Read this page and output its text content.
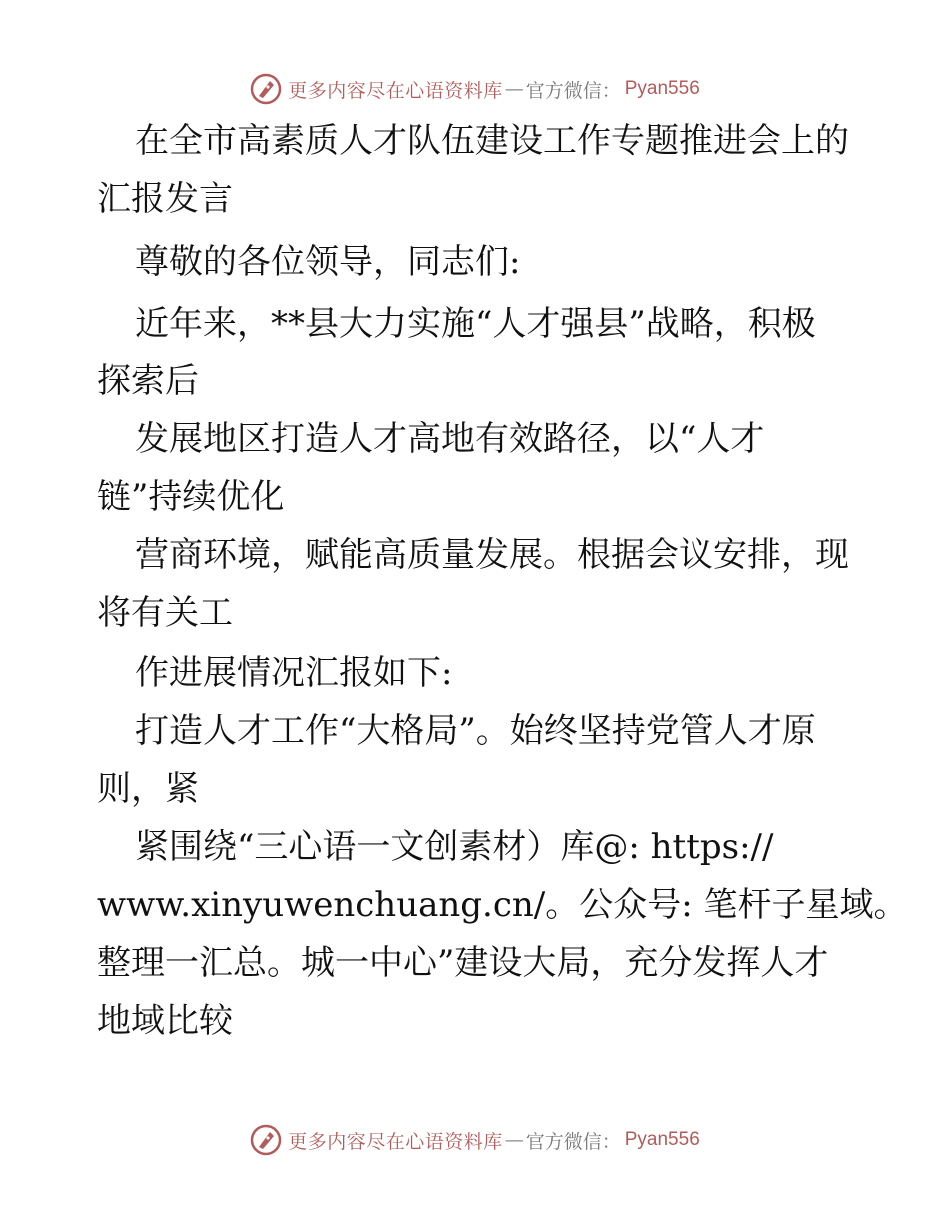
更多内容尽在心语资料库 — 官方微信： Pyan556
在全市高素质人才队伍建设工作专题推进会上的
汇报发言
尊敬的各位领导，同志们:
近年来，**县大力实施“人才强县”战略，积极
探索后
发展地区打造人才高地有效路径，以“人才
链”持续优化
营商环境，赋能高质量发展。根据会议安排，现
将有关工
作进展情况汇报如下:
打造人才工作“大格局”。始终坚持党管人才原
则，紧
紧围绕“三心语一文创素材）库@: https://
www.xinyuwenchuang.cn/。公众号: 笔杆子星域。
整理一汇总。城一中心”建设大局，充分发挥人才
地域比较
更多内容尽在心语资料库 — 官方微信： Pyan556
